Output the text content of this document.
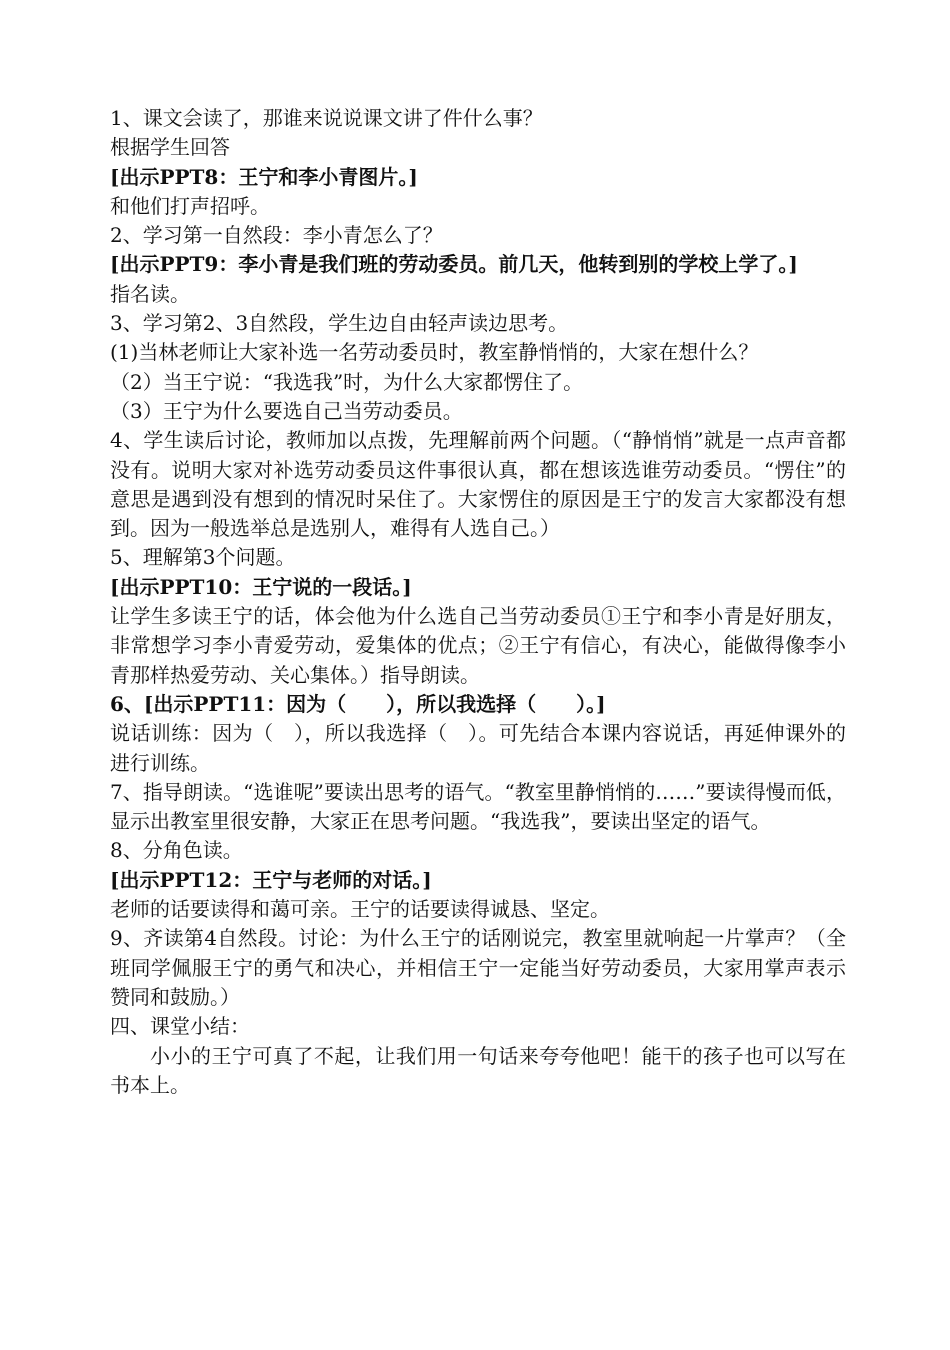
1、课文会读了，那谁来说说课文讲了件什么事？

根据学生回答

[出示PPT8：王宁和李小青图片。]

和他们打声招呼。

2、学习第一自然段：李小青怎么了？

[出示PPT9：李小青是我们班的劳动委员。前几天，他转到别的学校上学了。]

指名读。

3、学习第2、3自然段，学生边自由轻声读边思考。

(1)当林老师让大家补选一名劳动委员时，教室静悄悄的，大家在想什么？

（2）当王宁说：“我选我”时，为什么大家都愣住了。

（3）王宁为什么要选自己当劳动委员。

4、学生读后讨论，教师加以点拨，先理解前两个问题。（“静悄悄”就是一点声音都没有。说明大家对补选劳动委员这件事很认真，都在想该选谁劳动委员。“愣住”的意思是遇到没有想到的情况时呆住了。大家愣住的原因是王宁的发言大家都没有想到。因为一般选举总是选别人，难得有人选自己。）

5、理解第3个问题。

[出示PPT10：王宁说的一段话。]

让学生多读王宁的话，体会他为什么选自己当劳动委员①王宁和李小青是好朋友，非常想学习李小青爱劳动，爱集体的优点；②王宁有信心，有决心，能做得像李小青那样热爱劳动、关心集体。）指导朗读。

6、[出示PPT11：因为（　　），所以我选择（　　）。]

说话训练：因为（　），所以我选择（　）。可先结合本课内容说话，再延伸课外的进行训练。

7、指导朗读。“选谁呢”要读出思考的语气。“教室里静悄悄的……”要读得慢而低，显示出教室里很安静，大家正在思考问题。“我选我”，要读出坚定的语气。

8、分角色读。

[出示PPT12：王宁与老师的对话。]

老师的话要读得和蔼可亲。王宁的话要读得诚恳、坚定。

9、齐读第4自然段。讨论：为什么王宁的话刚说完，教室里就响起一片掌声？（全班同学佩服王宁的勇气和决心，并相信王宁一定能当好劳动委员，大家用掌声表示赞同和鼓励。）

四、课堂小结：

小小的王宁可真了不起，让我们用一句话来夸夸他吧！能干的孩子也可以写在书本上。
